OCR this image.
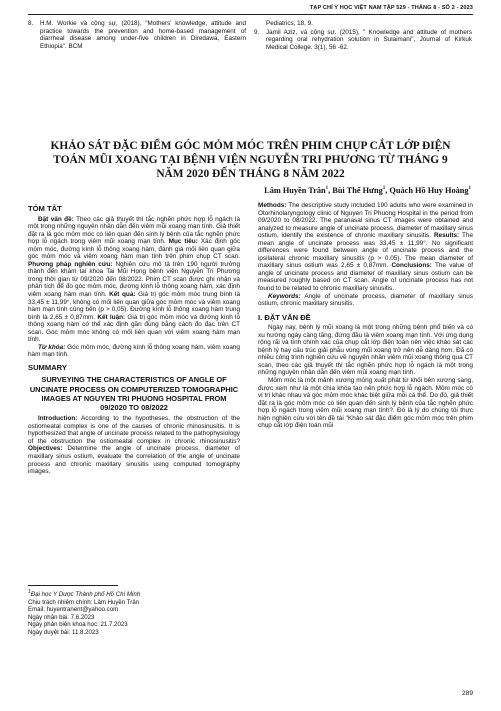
TẠP CHÍ Y HỌC VIỆT NAM TẬP 529 - THÁNG 8 - SỐ 2 - 2023
8.	H.M. Workie và cộng sự, (2018), "Mothers' knowledge, attitude and practice towards the prevention and home-based management of diarrheal disease among under-five children in Diredawa, Eastern Ethiopia". BCM
Pediatrics, 18, 9.
9.	Jamil Aziz, và cộng sự. (2015), " Knowledge and attitude of mothers regarding oral rehydration solution in Sulaimani", Journal of Kirkuk Medical College. 3(1), 56 -62.
KHẢO SÁT ĐẶC ĐIỂM GÓC MỎM MÓC TRÊN PHIM CHỤP CẮT LỚP ĐIỆN TOÁN MŨI XOANG TẠI BỆNH VIỆN NGUYỄN TRI PHƯƠNG TỪ THÁNG 9 NĂM 2020 ĐẾN THÁNG 8 NĂM 2022
Lâm Huyền Trân$^1$, Bùi Thế Hưng$^1$, Quách Hồ Huy Hoàng$^1$
TÓM TẮT

Đặt vấn đề: Theo các giả thuyết thì tắc nghẽn phức hợp lỗ ngách là một trong những nguyên nhân dẫn đến viêm mũi xoang mạn tính. Giả thiết đặt ra là góc mỏm móc có liên quan đến sinh lý bệnh của tắc nghẽn phức hợp lỗ ngách trong viêm mũi xoang mạn tính. Mục tiêu: Xác định góc mỏm móc, đường kính lỗ thông xoang hàm, đánh giá mối liên quan giữa góc mỏm móc và viêm xoang hàm mạn tính trên phim chụp CT scan. Phương pháp nghiên cứu: Nghiên cứu mô tả trên 190 người trưởng thành đến khám tai khoa Tai Mũi Họng bệnh viện Nguyễn Tri Phương trong thời gian từ 09/2020 đến 08/2022. Phim CT scan được ghi nhận và phân tích để đo góc mỏm móc, đường kính lỗ thông xoang hàm, xác định viêm xoang hàm mạn tính. Kết quả: Giá trị góc mỏm móc trung bình là 33,45 ± 11,99°, không có mối liên quan giữa góc mỏm móc và viêm xoang hàm mạn tính cùng bên (p > 0,05). Đường kính lỗ thông xoang hàm trung bình là 2,65 ± 0,87mm. Kết luận: Giá trị góc mỏm móc và đường kính lỗ thông xoang hàm có thể xác định gần đúng bằng cách đo đạc trên CT scan. Góc mỏm móc không có mối liên quan với viêm xoang hàm mạn tính.

Từ khóa: Góc mỏm móc, đường kính lỗ thông xoang hàm, viêm xoang hàm mạn tính.

SUMMARY
SURVEYING THE CHARACTERISTICS OF ANGLE OF UNCINATE PROCESS ON COMPUTERIZED TOMOGRAPHIC IMAGES AT NGUYEN TRI PHUONG HOSPITAL FROM 09/2020 TO 08/2022

Introduction: According to the hypotheses, the obstruction of the ostiomeatal complex is one of the causes of chronic rhinosinusitis. It is hypothesized that angle of uncinate process related to the pathophysiology of the obstruction the ostiomeatal complex in chronic rhinosinusitis? Objectives: Determine the angle of uncinate process, diameter of maxillary sinus ostium, evaluate the correlation of the angle of uncinate process and chronic maxillary sinusitis using computed tomography images.

$^1$Đại học Y Dược Thành phố Hồ Chí Minh
Chịu trách nhiệm chính: Lâm Huyền Trân
Email: huyentranent@yahoo.com
Ngày nhận bài: 7.6.2023
Ngày phản biện khoa học: 21.7.2023
Ngày duyệt bài: 11.8.2023

Methods: The descriptive study included 190 adults who were examined in Otorhinolaryngology clinic of Nguyen Tri Phuong Hospital in the period from 09/2020 to 08/2022. The paranasal sinus CT images were obtained and analyzed to measure angle of uncinate process, diameter of maxillary sinus ostium, identify the existence of chronic maxillary sinusitis. Results: The mean angle of uncinate process was 33,45 ± 11,99°. No significant differences were found between angle of uncinate process and the ipsilateral chronic maxillary sinusitis (p > 0.05). The mean diameter of maxillary sinus ostium was 2,65 ± 0,87mm. Conclusions: The value of angle of uncinate process and diameter of maxillary sinus ostium can be measured roughly based on CT scan. Angle of uncinate process has not found to be related to chronic maxillary sinusitis.

Keywords: Angle of uncinate process, diameter of maxillary sinus ostium, chronic maxillary sinusitis.

I. ĐẶT VẤN ĐỀ

Ngày nay, bệnh lý mũi xoang là một trong những bệnh phổ biến và có xu hướng ngày càng tăng, đứng đầu là viêm xoang mạn tính. Với ứng dụng rộng rãi và tính chính xác của chụp cắt lớp điện toán nên việc khảo sát các bệnh lý hay cấu trúc giải phẫu vùng mũi xoang trở nên dễ dàng hơn. Đã có nhiều công trình nghiên cứu về nguyên nhân viêm mũi xoang thông qua CT scan, theo các giả thuyết thì tắc nghẽn phức hợp lỗ ngách là một trong những nguyên nhân dẫn đến viêm mũi xoang mạn tính.

Mỏm móc là một mảnh xương mỏng xuất phát từ khối bên xương sàng, được xem như là một chìa khóa tạo nên phức hợp lỗ ngách. Mỏm móc có vị trí khác nhau và góc mỏm móc khác biệt giữa mỗi cá thể. Do đó, giả thiết đặt ra là góc mỏm móc có liên quan đến sinh lý bệnh của tắc nghẽn phức hợp lỗ ngách trong viêm mũi xoang mạn tính?. Đó là lý do chúng tôi thực hiện nghiên cứu với tên đề tài "Khảo sát đặc điểm góc mỏm móc trên phim chụp cắt lớp điện toán mũi

289
